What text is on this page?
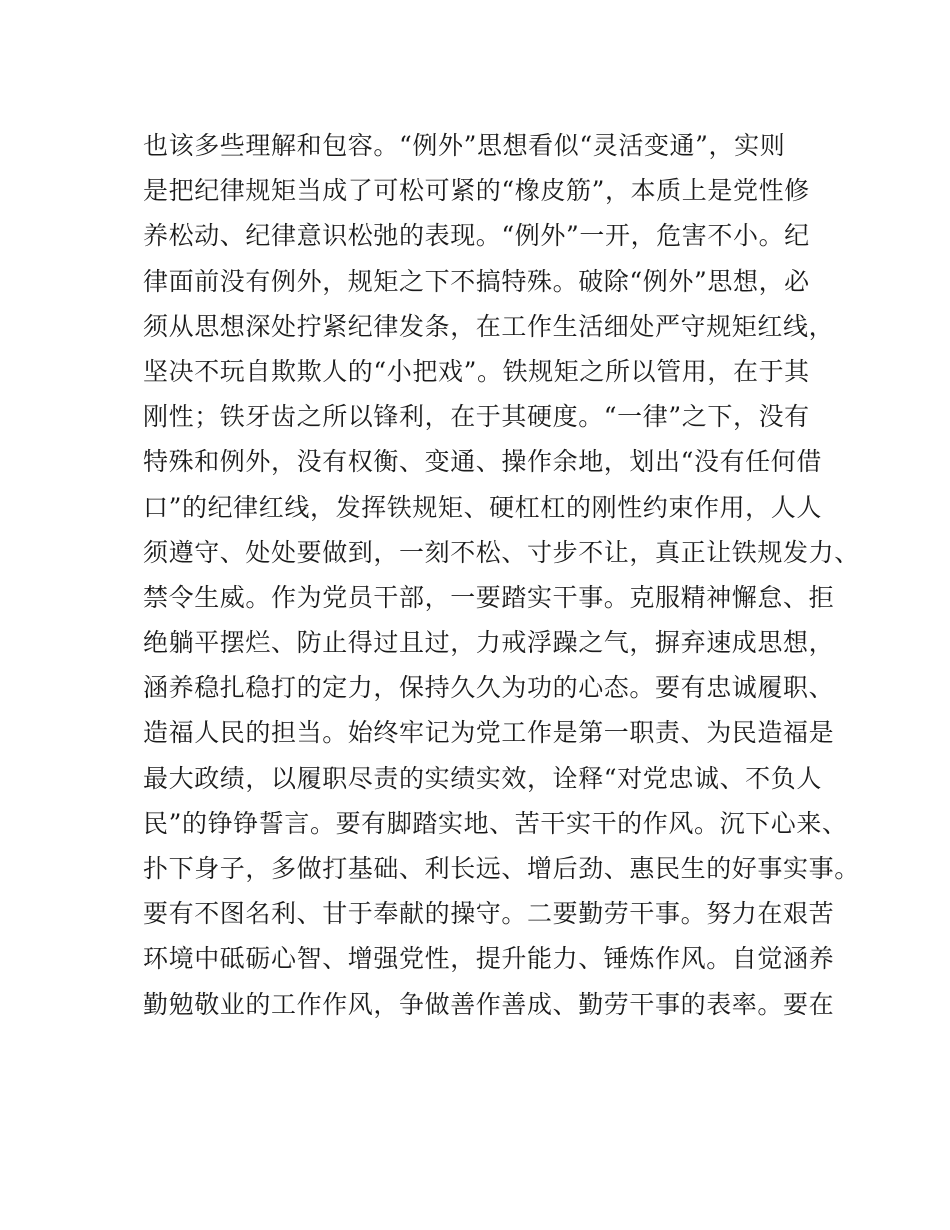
也该多些理解和包容。“例外”思想看似“灵活变通”，实则
是把纪律规矩当成了可松可紧的“橡皮筋”，本质上是党性修
养松动、纪律意识松弛的表现。“例外”一开，危害不小。纪
律面前没有例外，规矩之下不搞特殊。破除“例外”思想，必
须从思想深处拧紧纪律发条，在工作生活细处严守规矩红线，
坚决不玩自欺欺人的“小把戏”。铁规矩之所以管用，在于其
刚性；铁牙齿之所以锋利，在于其硬度。“一律”之下，没有
特殊和例外，没有权衡、变通、操作余地，划出“没有任何借
口”的纪律红线，发挥铁规矩、硬杠杠的刚性约束作用，人人
须遵守、处处要做到，一刻不松、寸步不让，真正让铁规发力、
禁令生威。作为党员干部，一要踏实干事。克服精神懈怠、拒
绝躺平摆烂、防止得过且过，力戒浮躁之气，摒弃速成思想，
涵养稳扎稳打的定力，保持久久为功的心态。要有忠诚履职、
造福人民的担当。始终牢记为党工作是第一职责、为民造福是
最大政绩，以履职尽责的实绩实效，诠释“对党忠诚、不负人
民”的铮铮誓言。要有脚踏实地、苦干实干的作风。沉下心来、
扑下身子，多做打基础、利长远、增后劲、惠民生的好事实事。
要有不图名利、甘于奉献的操守。二要勤劳干事。努力在艰苦
环境中砥砺心智、增强党性，提升能力、锤炼作风。自觉涵养
勤勉敬业的工作作风，争做善作善成、勤劳干事的表率。要在
